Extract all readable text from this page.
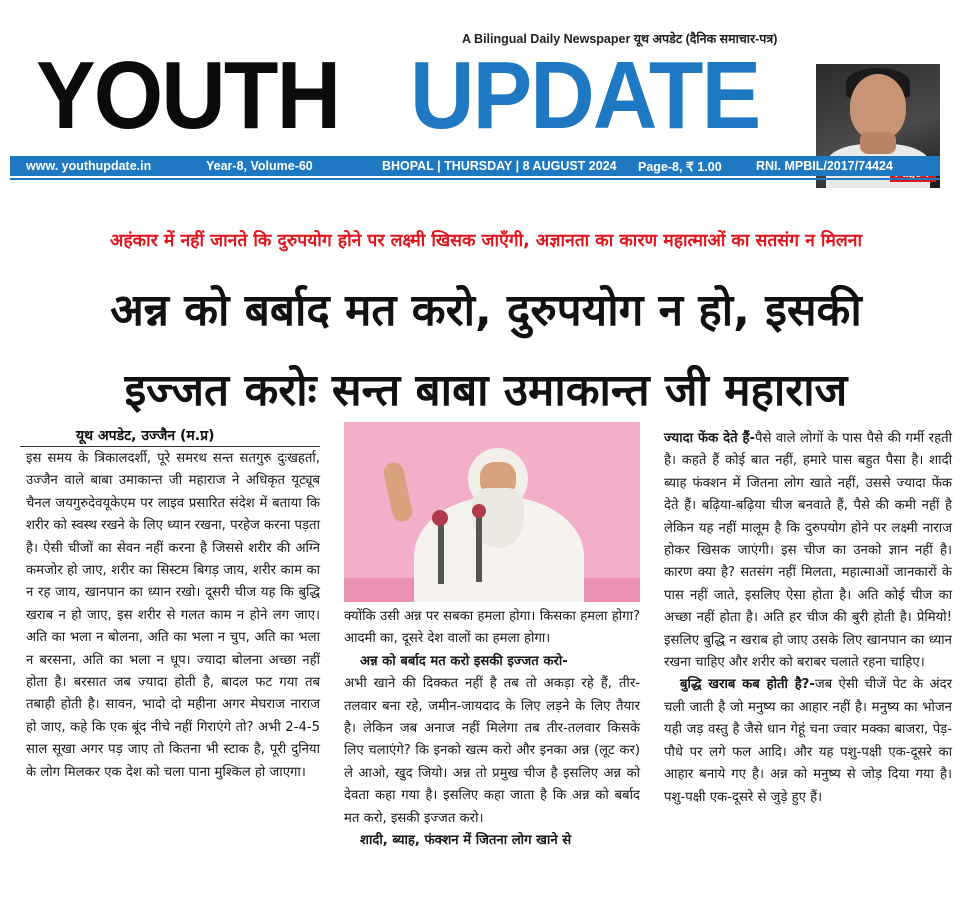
A Bilingual Daily Newspaper यूथ अपडेट (दैनिक समाचार-पत्र)
YOUTH UPDATE
www. youthupdate.in	Year-8, Volume-60	BHOPAL | THURSDAY | 8 AUGUST 2024 Page-8, ₹ 1.00	RNI. MPBIL/2017/74424
अहंकार में नहीं जानते कि दुरुपयोग होने पर लक्ष्मी खिसक जाएँगी, अज्ञानता का कारण महात्माओं का सतसंग न मिलना
अन्न को बर्बाद मत करो, दुरुपयोग न हो, इसकी
इज्जत करोः सन्त बाबा उमाकान्त जी महाराज
यूथ अपडेट, उज्जैन (म.प्र)

इस समय के त्रिकालदर्शी, पूरे समरथ सन्त सतगुरु दुःखहर्ता, उज्जैन वाले बाबा उमाकान्त जी महाराज ने अधिकृत यूट्यूब चैनल जयगुरुदेवयूकेएम पर लाइव प्रसारित संदेश में बताया कि शरीर को स्वस्थ रखने के लिए ध्यान रखना, परहेज करना पड़ता है। ऐसी चीजों का सेवन नहीं करना है जिससे शरीर की अग्नि कमजोर हो जाए, शरीर का सिस्टम बिगड़ जाय, शरीर काम का न रह जाय, खानपान का ध्यान रखो। दूसरी चीज यह कि बुद्धि खराब न हो जाए, इस शरीर से गलत काम न होने लग जाए। अति का भला न बोलना, अति का भला न चुप, अति का भला न बरसना, अति का भला न धूप। ज्यादा बोलना अच्छा नहीं होता है। बरसात जब ज्यादा होती है, बादल फट गया तब तबाही होती है। सावन, भादो दो महीना अगर मेघराज नाराज हो जाए, कहे कि एक बूंद नीचे नहीं गिराएंगे तो? अभी 2-4-5 साल सूखा अगर पड़ जाए तो कितना भी स्टाक है, पूरी दुनिया के लोग मिलकर एक देश को चला पाना मुश्किल हो जाएगा।

क्योंकि उसी अन्न पर सबका हमला होगा। किसका हमला होगा? आदमी का, दूसरे देश वालों का हमला होगा।

अन्न को बर्बाद मत करो इसकी इज्जत करो-

अभी खाने की दिक्कत नहीं है तब तो अकड़ा रहे हैं, तीर-तलवार बना रहे, जमीन-जायदाद के लिए लड़ने के लिए तैयार है। लेकिन जब अनाज नहीं मिलेगा तब तीर-तलवार किसके लिए चलाएंगे? कि इनको खत्म करो और इनका अन्न (लूट कर) ले आओ, खुद जियो। अन्न तो प्रमुख चीज है इसलिए अन्न को देवता कहा गया है। इसलिए कहा जाता है कि अन्न को बर्बाद मत करो, इसकी इज्जत करो।

शादी, ब्याह, फंक्शन में जितना लोग खाने से

ज्यादा फेंक देते हैं-पैसे वाले लोगों के पास पैसे की गर्मी रहती है। कहते हैं कोई बात नहीं, हमारे पास बहुत पैसा है। शादी ब्याह फंक्शन में जितना लोग खाते नहीं, उससे ज्यादा फेंक देते हैं। बढ़िया-बढ़िया चीज बनवाते हैं, पैसे की कमी नहीं है लेकिन यह नहीं मालूम है कि दुरुपयोग होने पर लक्ष्मी नाराज होकर खिसक जाएंगी। इस चीज का उनको ज्ञान नहीं है। कारण क्या है? सतसंग नहीं मिलता, महात्माओं जानकारों के पास नहीं जाते, इसलिए ऐसा होता है। अति कोई चीज का अच्छा नहीं होता है। अति हर चीज की बुरी होती है। प्रेमियो! इसलिए बुद्धि न खराब हो जाए उसके लिए खानपान का ध्यान रखना चाहिए और शरीर को बराबर चलाते रहना चाहिए।

बुद्धि खराब कब होती है?-जब ऐसी चीजें पेट के अंदर चली जाती है जो मनुष्य का आहार नहीं है। मनुष्य का भोजन यही जड़ वस्तु है जैसे धान गेहूं चना ज्वार मक्का बाजरा, पेड़-पौधे पर लगे फल आदि। और यह पशु-पक्षी एक-दूसरे का आहार बनाये गए है। अन्न को मनुष्य से जोड़ दिया गया है। पशु-पक्षी एक-दूसरे से जुड़े हुए हैं।
